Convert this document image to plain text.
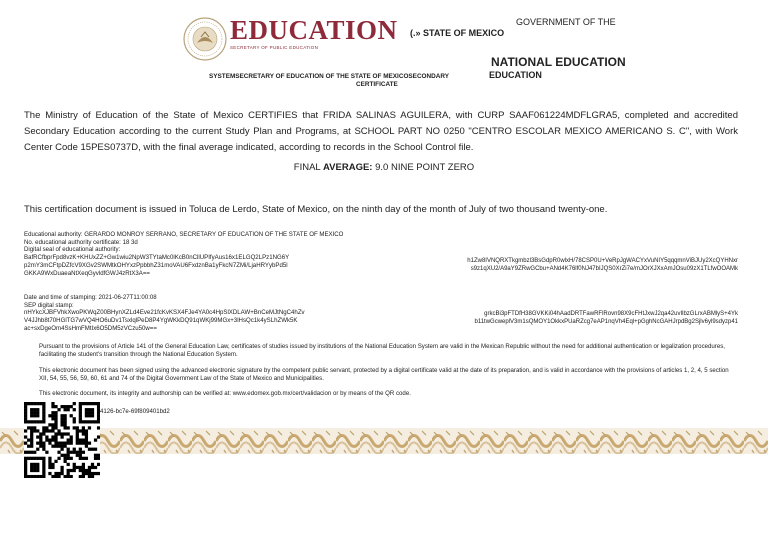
EDUCATION
SECRETARY OF PUBLIC EDUCATION
GOVERNMENT OF THE
(.» STATE OF MEXICO
NATIONAL EDUCATION
EDUCATION
SYSTEMSECRETARY OF EDUCATION OF THE STATE OF MEXICOSECONDARY
CERTIFICATE
The Ministry of Education of the State of Mexico CERTIFIES that FRIDA SALINAS AGUILERA, with CURP SAAF061224MDFLGRA5, completed and accredited Secondary Education according to the current Study Plan and Programs, at SCHOOL PART NO 0250 "CENTRO ESCOLAR MEXICO AMERICANO S. C", with Work Center Code 15PES0737D, with the final average indicated, according to records in the School Control file.
FINAL AVERAGE: 9.0 NINE POINT ZERO
This certification document is issued in Toluca de Lerdo, State of Mexico, on the ninth day of the month of July of two thousand twenty-one.
Educational authority: GERARDO MONROY SERRANO, SECRETARY OF EDUCATION OF THE STATE OF MEXICO
No. educational authority certificate: 18 3d
Digital seal of educational authority:
BafRCfbprFpd8vzK+KHUxZZ+Gw1wiu2NpW3TYtaMc0lKcB0nCllUPIfyAus16x1ELGQ2LPz1NG6Y
p2mY3mCFtpDZfcV9XGv2SWMtkOHYxzPpbbhZ31moVAU6FxdznBa1yFkcN7ZMi/LjaHRYybPd5l
GKKA9WxDuaeaNtXeqGyvldfGWJ4zRtX3A==
h1Zw8IVNQRXTkgmbzl3BsGdpR0wlxH/78CSP0U+VeRpJgWACYxVuNIY5qqqmnViBJUy2XcQYHNxr
s9z1qXU2/A9aY9ZRwGCbu+ANd4K76lf0NJ47bIJQS0XrZi7e/mJOrXJXxAmJOsu09zX1TLfwOOAMk
Date and time of stamping: 2021-06-27T11:00:08
SEP digital stamp:
nHYkcXJBFVhkXwoPKWqZ00BHynXZLd4Eve21fcKvKSX4FJe4YA0c4HpSlXDLAW+BnCeMJtNgC4hZv
V4JJhb8t70HGlTG7wVQ4HO6uDv1TsxlqlPeD8P4YgWKkDQ91qWKj99MGx+3lHsQc1k4ySLhZWk5K
ac+sxDgeOm4SsHmFMtIx6O5DM5zVCzu50w==
grkcBi3pFTDfH38GVKKi04hAadDRTFawRFlRovn98X9cFHtJxwJ2qa42uvIlbzGLrxABMlyS+4Yk
b11twGcweplV3m1sQMOY1OkkxPUaRZcg7eAP1nqVh4Eql+pGghNcGAHJrpdBg2Sjlv6yl9sdyzp41
Pursuant to the provisions of Article 141 of the General Education Law, certificates of studies issued by institutions of the National Education System are valid in the Mexican Republic without the need for additional authentication or legalization procedures, facilitating the student's transition through the National Education System.
This electronic document has been signed using the advanced electronic signature by the competent public servant, protected by a digital certificate valid at the date of its preparation, and is valid in accordance with the provisions of articles 1, 2, 4, 5 section XII, 54, 55, 56, 59, 60, 61 and 74 of the Digital Government Law of the State of Mexico and Municipalities.
This electronic document, its integrity and authorship can be verified at: www.edomex.gob.mx/cert/validacion or by means of the QR code.
4126-bc7e-69f809401bd2
